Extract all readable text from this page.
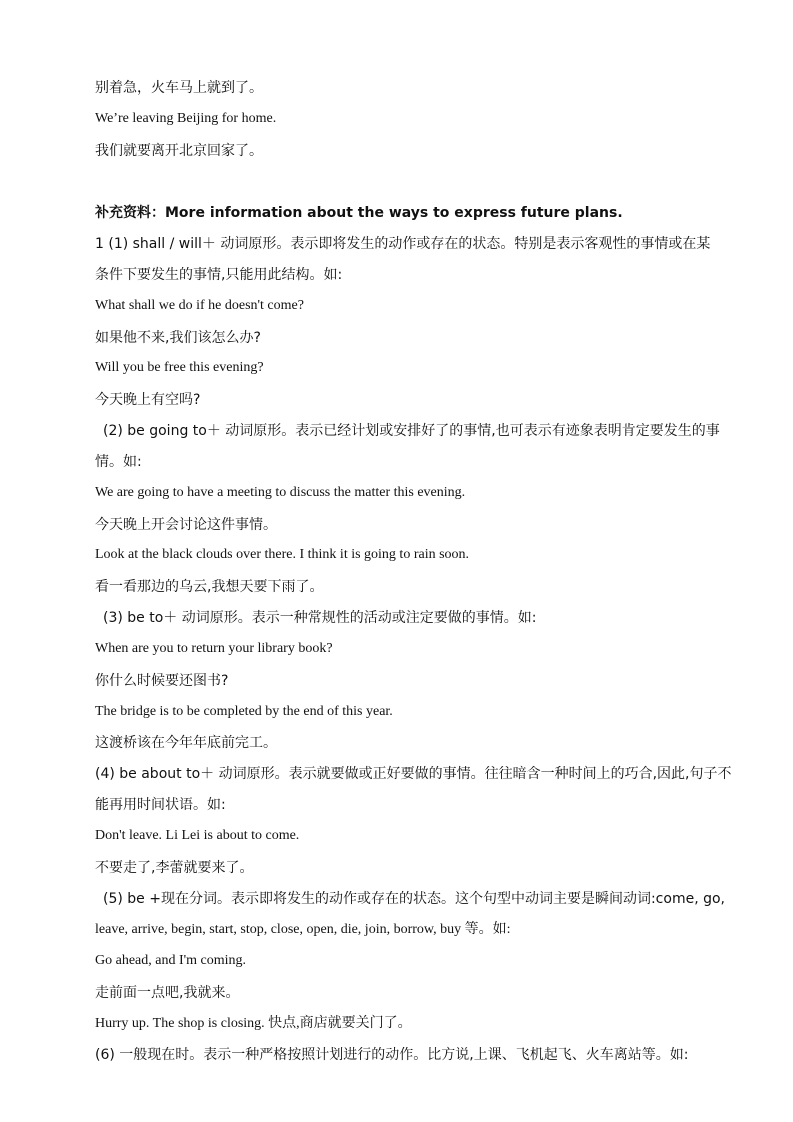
别着急，火车马上就到了。
We’re leaving Beijing for home.
我们就要离开北京回家了。
补充资料：More information about the ways to express future plans.
1 (1) shall / will＋ 动词原形。表示即将发生的动作或存在的状态。特别是表示客观性的事情或在某
条件下要发生的事情,只能用此结构。如:
What shall we do if he doesn't come?
如果他不来,我们该怎么办?
Will you be free this evening?
今天晚上有空吗?
(2) be going to＋ 动词原形。表示已经计划或安排好了的事情,也可表示有迹象表明肯定要发生的事
情。如:
We are going to have a meeting to discuss the matter this evening.
今天晚上开会讨论这件事情。
Look at the black clouds over there. I think it is going to rain soon.
看一看那边的乌云,我想天要下雨了。
(3) be to＋ 动词原形。表示一种常规性的活动或注定要做的事情。如:
When are you to return your library book?
你什么时候要还图书?
The bridge is to be completed by the end of this year.
这渡桥该在今年年底前完工。
(4) be about to＋ 动词原形。表示就要做或正好要做的事情。往往暗含一种时间上的巧合,因此,句子不
能再用时间状语。如:
Don't leave. Li Lei is about to come.
不要走了,李蕾就要来了。
(5) be +现在分词。表示即将发生的动作或存在的状态。这个句型中动词主要是瞬间动词:come, go,
leave, arrive, begin, start, stop, close, open, die, join, borrow, buy 等。如:
Go ahead, and I'm coming.
走前面一点吧,我就来。
Hurry up. The shop is closing. 快点,商店就要关门了。
(6) 一般现在时。表示一种严格按照计划进行的动作。比方说,上课、飞机起飞、火车离站等。如:
